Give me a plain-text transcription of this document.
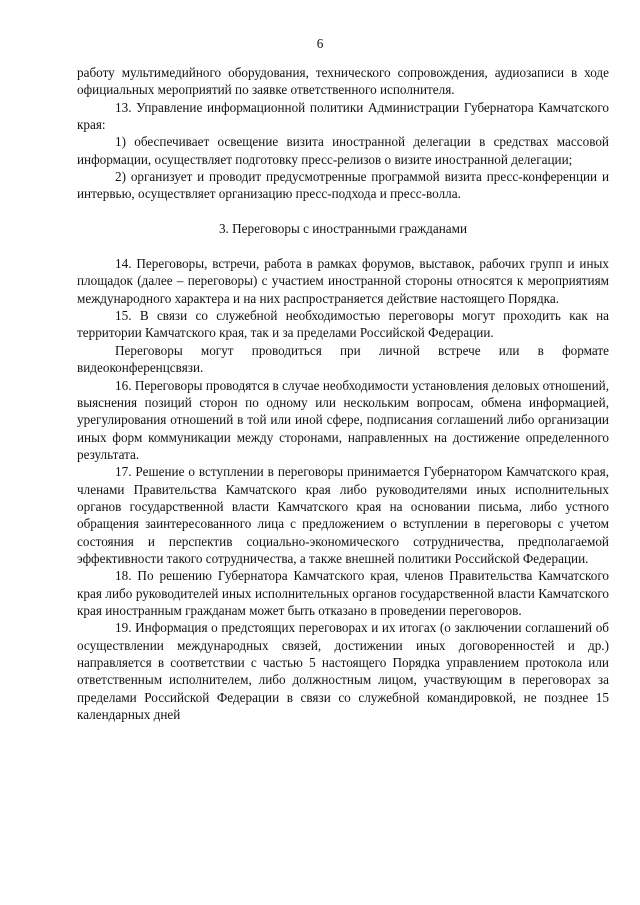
6

работу мультимедийного оборудования, технического сопровождения, аудиозаписи в ходе официальных мероприятий по заявке ответственного исполнителя.

13. Управление информационной политики Администрации Губернатора Камчатского края:

1) обеспечивает освещение визита иностранной делегации в средствах массовой информации, осуществляет подготовку пресс-релизов о визите иностранной делегации;

2) организует и проводит предусмотренные программой визита пресс-конференции и интервью, осуществляет организацию пресс-подхода и пресс-волла.

3. Переговоры с иностранными гражданами

14. Переговоры, встречи, работа в рамках форумов, выставок, рабочих групп и иных площадок (далее – переговоры) с участием иностранной стороны относятся к мероприятиям международного характера и на них распространяется действие настоящего Порядка.

15. В связи со служебной необходимостью переговоры могут проходить как на территории Камчатского края, так и за пределами Российской Федерации.

Переговоры могут проводиться при личной встрече или в формате видеоконференцсвязи.

16. Переговоры проводятся в случае необходимости установления деловых отношений, выяснения позиций сторон по одному или нескольким вопросам, обмена информацией, урегулирования отношений в той или иной сфере, подписания соглашений либо организации иных форм коммуникации между сторонами, направленных на достижение определенного результата.

17. Решение о вступлении в переговоры принимается Губернатором Камчатского края, членами Правительства Камчатского края либо руководителями иных исполнительных органов государственной власти Камчатского края на основании письма, либо устного обращения заинтересованного лица с предложением о вступлении в переговоры с учетом состояния и перспектив социально-экономического сотрудничества, предполагаемой эффективности такого сотрудничества, а также внешней политики Российской Федерации.

18. По решению Губернатора Камчатского края, членов Правительства Камчатского края либо руководителей иных исполнительных органов государственной власти Камчатского края иностранным гражданам может быть отказано в проведении переговоров.

19. Информация о предстоящих переговорах и их итогах (о заключении соглашений об осуществлении международных связей, достижении иных договоренностей и др.) направляется в соответствии с частью 5 настоящего Порядка управлением протокола или ответственным исполнителем, либо должностным лицом, участвующим в переговорах за пределами Российской Федерации в связи со служебной командировкой, не позднее 15 календарных дней
